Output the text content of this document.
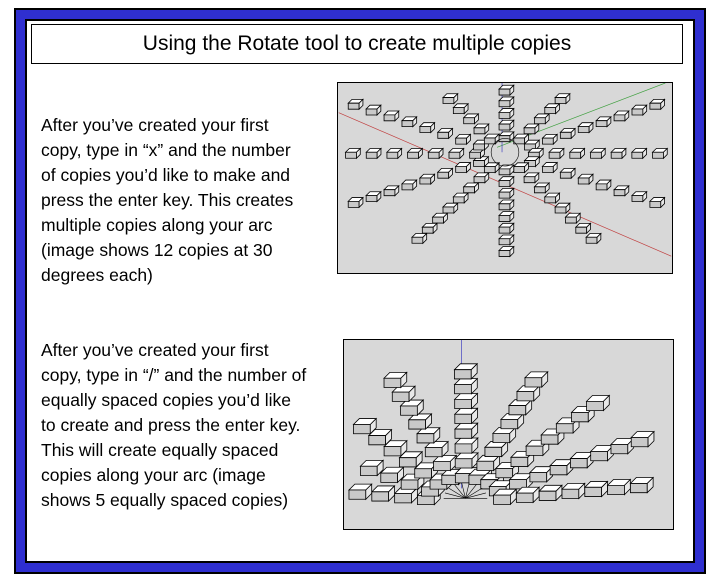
Using the Rotate tool to create multiple copies
After you’ve created your first copy, type in “x” and the number of copies you’d like to make and press the enter key. This creates multiple copies along your arc (image shows 12 copies at 30 degrees each)
After you’ve created your first copy, type in “/” and the number of equally spaced copies you’d like to create and press the enter key. This will create equally spaced copies along your arc (image shows 5 equally spaced copies)
